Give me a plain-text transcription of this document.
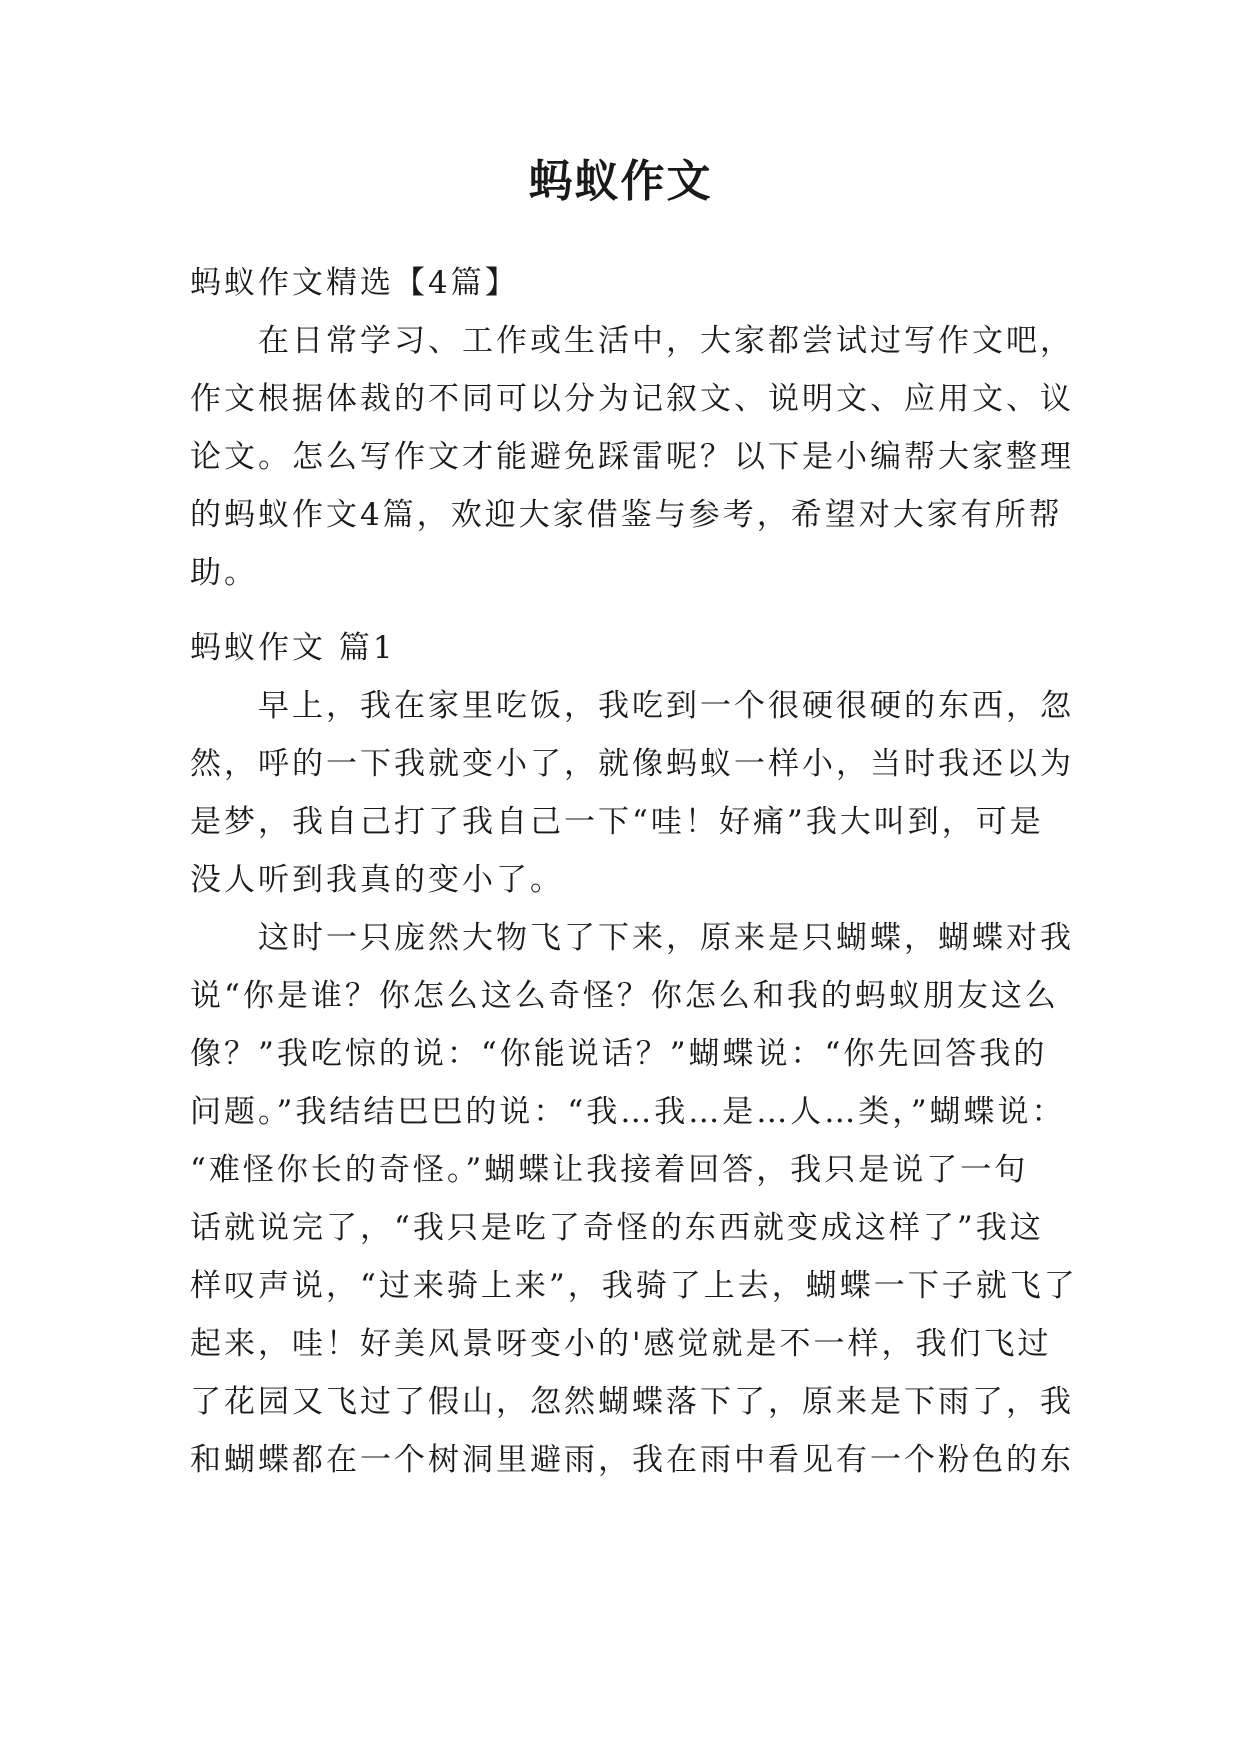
蚂蚁作文
蚂蚁作文精选【4篇】
在日常学习、工作或生活中，大家都尝试过写作文吧，
作文根据体裁的不同可以分为记叙文、说明文、应用文、议
论文。怎么写作文才能避免踩雷呢？以下是小编帮大家整理
的蚂蚁作文4篇，欢迎大家借鉴与参考，希望对大家有所帮
助。
蚂蚁作文 篇1
早上，我在家里吃饭，我吃到一个很硬很硬的东西，忽
然，呼的一下我就变小了，就像蚂蚁一样小，当时我还以为
是梦，我自己打了我自己一下“哇！好痛”我大叫到，可是
没人听到我真的变小了。
这时一只庞然大物飞了下来，原来是只蝴蝶，蝴蝶对我
说“你是谁？你怎么这么奇怪？你怎么和我的蚂蚁朋友这么
像？”我吃惊的说：“你能说话？”蝴蝶说：“你先回答我的
问题。”我结结巴巴的说：“我…我…是…人…类，”蝴蝶说：
“难怪你长的奇怪。”蝴蝶让我接着回答，我只是说了一句
话就说完了，“我只是吃了奇怪的东西就变成这样了”我这
样叹声说，“过来骑上来”，我骑了上去，蝴蝶一下子就飞了
起来，哇！好美风景呀变小的'感觉就是不一样，我们飞过
了花园又飞过了假山，忽然蝴蝶落下了，原来是下雨了，我
和蝴蝶都在一个树洞里避雨，我在雨中看见有一个粉色的东
